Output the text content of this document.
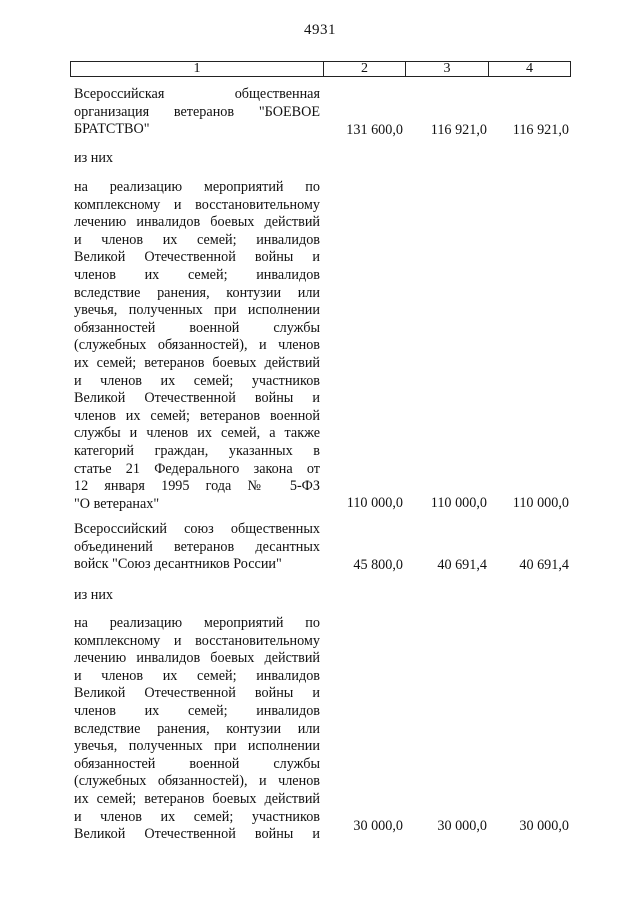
4931
1	2	3	4
Всероссийская общественная
организация ветеранов "БОЕВОЕ
БРАТСТВО"	131 600,0	116 921,0	116 921,0
из них
на реализацию мероприятий по
комплексному и восстановительному
лечению инвалидов боевых действий
и членов их семей; инвалидов
Великой Отечественной войны и
членов их семей; инвалидов
вследствие ранения, контузии или
увечья, полученных при исполнении
обязанностей военной службы
(служебных обязанностей), и членов
их семей; ветеранов боевых действий
и членов их семей; участников
Великой Отечественной войны и
членов их семей; ветеранов военной
службы и членов их семей, а также
категорий граждан, указанных в
статье 21 Федерального закона от
12 января 1995 года № 5-ФЗ
"О ветеранах"	110 000,0	110 000,0	110 000,0
Всероссийский союз общественных
объединений ветеранов десантных
войск "Союз десантников России"	45 800,0	40 691,4	40 691,4
из них
на реализацию мероприятий по
комплексному и восстановительному
лечению инвалидов боевых действий
и членов их семей; инвалидов
Великой Отечественной войны и
членов их семей; инвалидов
вследствие ранения, контузии или
увечья, полученных при исполнении
обязанностей военной службы
(служебных обязанностей), и членов
их семей; ветеранов боевых действий
и членов их семей; участников
Великой Отечественной войны и
30 000,0	30 000,0	30 000,0
